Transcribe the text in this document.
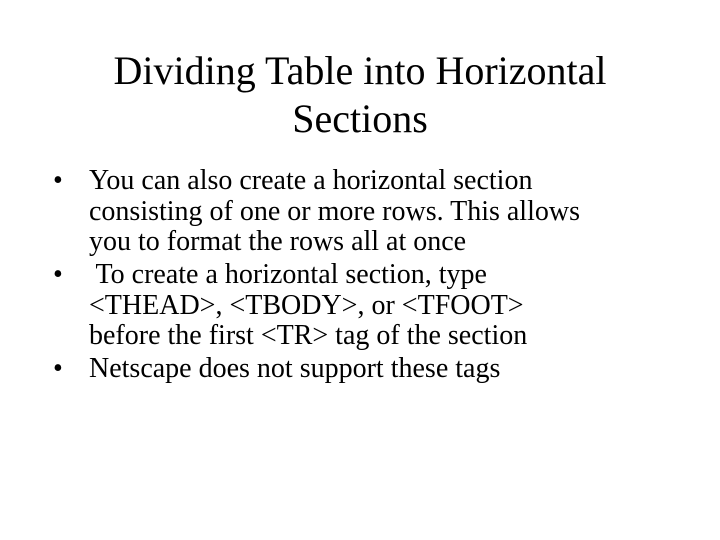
Dividing Table into Horizontal
Sections
• You can also create a horizontal section
consisting of one or more rows. This allows
you to format the rows all at once
• To create a horizontal section, type
<THEAD>, <TBODY>, or <TFOOT>
before the first <TR> tag of the section
• Netscape does not support these tags
